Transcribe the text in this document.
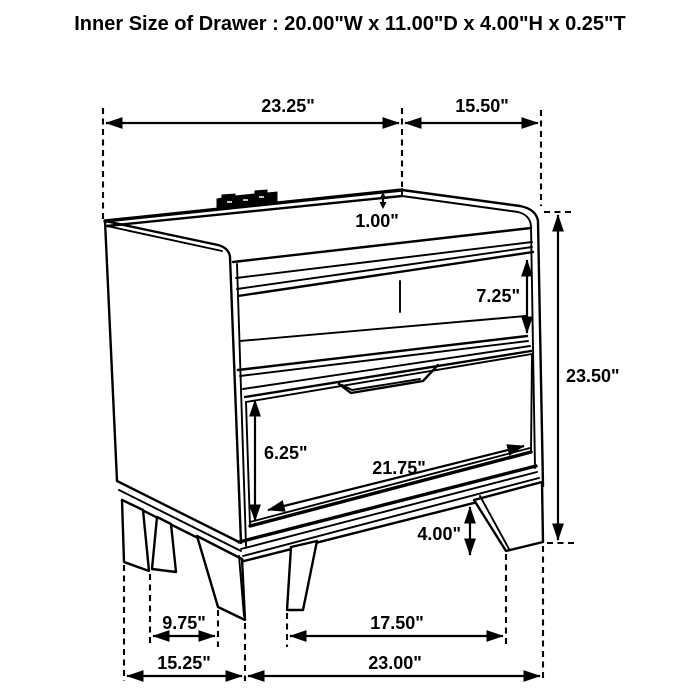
Inner Size of Drawer : 20.00"W x 11.00"D x 4.00"H x 0.25"T
23.25"	15.50"
1.00"
7.25"
23.50"
6.25"
21.75"
4.00"
9.75"	17.50"
15.25"	23.00"
